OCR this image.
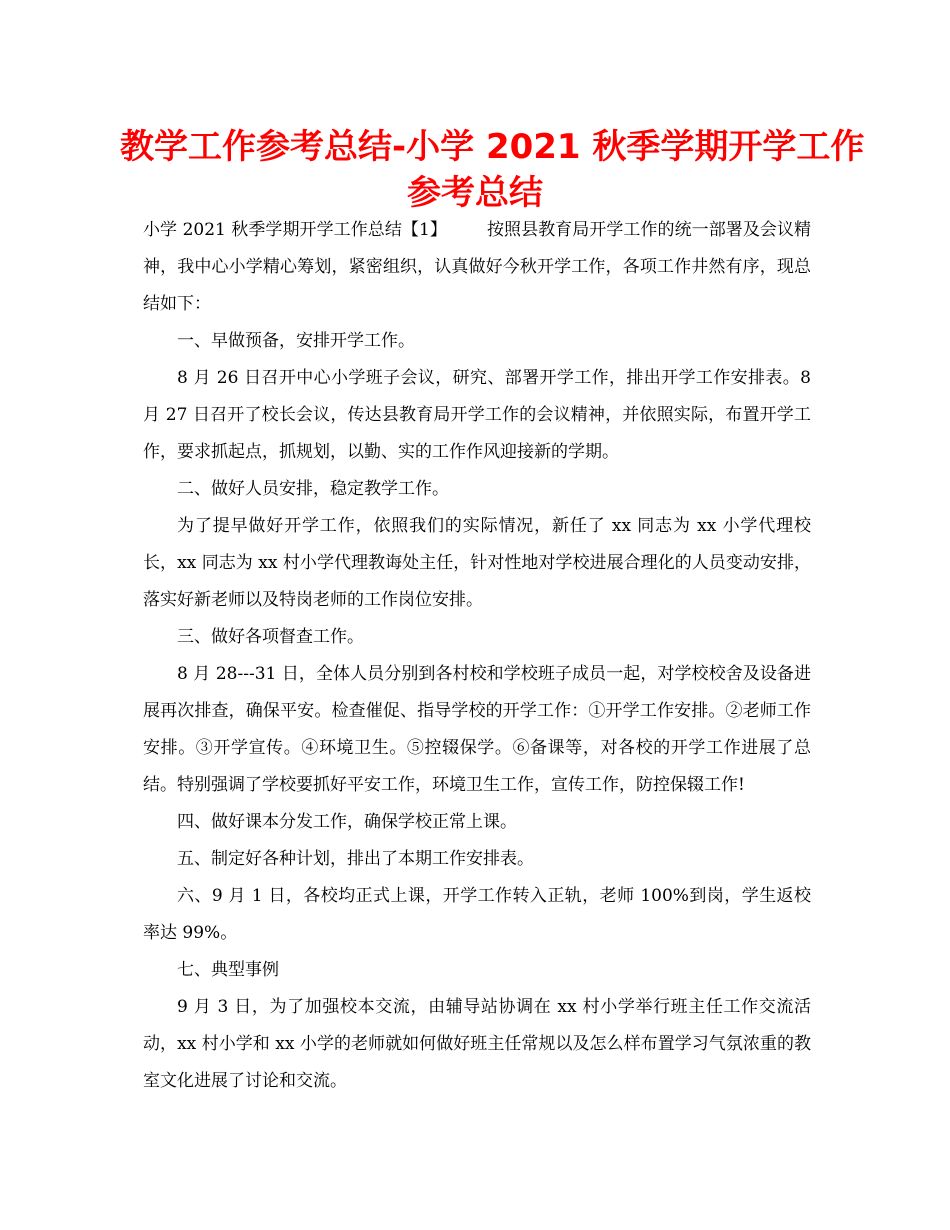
教学工作参考总结-小学 2021 秋季学期开学工作
参考总结

小学 2021 秋季学期开学工作总结【1】 按照县教育局开学工作的统一部署及会议精神，我中心小学精心筹划，紧密组织，认真做好今秋开学工作，各项工作井然有序，现总结如下：

一、早做预备，安排开学工作。

8 月 26 日召开中心小学班子会议，研究、部署开学工作，排出开学工作安排表。8 月 27 日召开了校长会议，传达县教育局开学工作的会议精神，并依照实际，布置开学工作，要求抓起点，抓规划，以勤、实的工作作风迎接新的学期。

二、做好人员安排，稳定教学工作。

为了提早做好开学工作，依照我们的实际情况，新任了 xx 同志为 xx 小学代理校长，xx 同志为 xx 村小学代理教诲处主任，针对性地对学校进展合理化的人员变动安排，落实好新老师以及特岗老师的工作岗位安排。

三、做好各项督查工作。

8 月 28---31 日，全体人员分别到各村校和学校班子成员一起，对学校校舍及设备进展再次排查，确保平安。检查催促、指导学校的开学工作：①开学工作安排。②老师工作安排。③开学宣传。④环境卫生。⑤控辍保学。⑥备课等，对各校的开学工作进展了总结。特别强调了学校要抓好平安工作，环境卫生工作，宣传工作，防控保辍工作!

四、做好课本分发工作，确保学校正常上课。

五、制定好各种计划，排出了本期工作安排表。

六、9 月 1 日，各校均正式上课，开学工作转入正轨，老师 100%到岗，学生返校率达 99%。

七、典型事例

9 月 3 日，为了加强校本交流，由辅导站协调在 xx 村小学举行班主任工作交流活动，xx 村小学和 xx 小学的老师就如何做好班主任常规以及怎么样布置学习气氛浓重的教室文化进展了讨论和交流。
